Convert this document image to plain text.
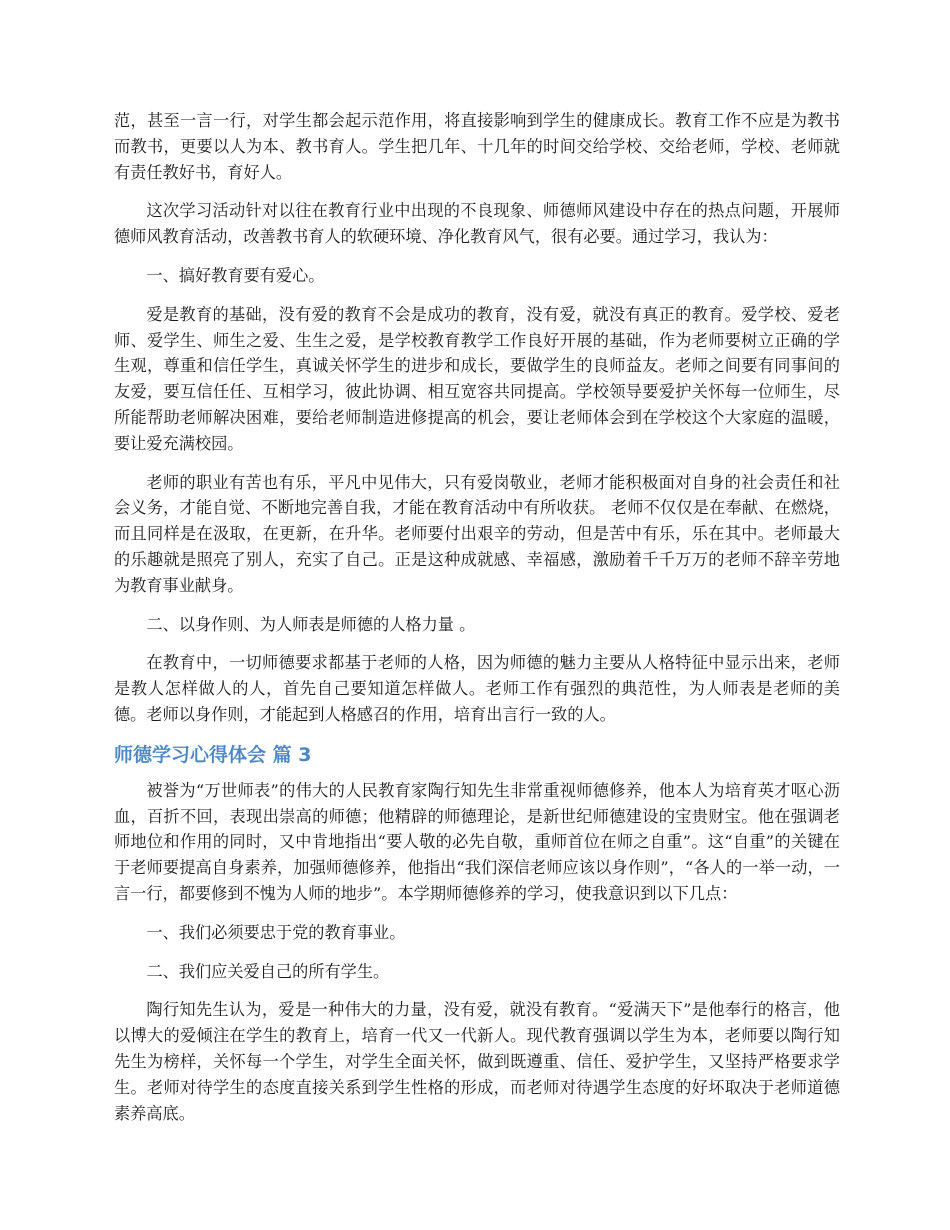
范，甚至一言一行，对学生都会起示范作用，将直接影响到学生的健康成长。教育工作不应是为教书而教书，更要以人为本、教书育人。学生把几年、十几年的时间交给学校、交给老师，学校、老师就有责任教好书，育好人。

这次学习活动针对以往在教育行业中出现的不良现象、师德师风建设中存在的热点问题，开展师德师风教育活动，改善教书育人的软硬环境、净化教育风气，很有必要。通过学习，我认为：

一、搞好教育要有爱心。

爱是教育的基础，没有爱的教育不会是成功的教育，没有爱，就没有真正的教育。爱学校、爱老师、爱学生、师生之爱、生生之爱，是学校教育教学工作良好开展的基础，作为老师要树立正确的学生观，尊重和信任学生，真诚关怀学生的进步和成长，要做学生的良师益友。老师之间要有同事间的友爱，要互信任任、互相学习，彼此协调、相互宽容共同提高。学校领导要爱护关怀每一位师生，尽所能帮助老师解决困难，要给老师制造进修提高的机会，要让老师体会到在学校这个大家庭的温暖，要让爱充满校园。

老师的职业有苦也有乐，平凡中见伟大，只有爱岗敬业，老师才能积极面对自身的社会责任和社会义务，才能自觉、不断地完善自我，才能在教育活动中有所收获。 老师不仅仅是在奉献、在燃烧，而且同样是在汲取，在更新，在升华。老师要付出艰辛的劳动，但是苦中有乐，乐在其中。老师最大的乐趣就是照亮了别人，充实了自己。正是这种成就感、幸福感，激励着千千万万的老师不辞辛劳地为教育事业献身。

二、以身作则、为人师表是师德的人格力量 。

在教育中，一切师德要求都基于老师的人格，因为师德的魅力主要从人格特征中显示出来，老师是教人怎样做人的人，首先自己要知道怎样做人。老师工作有强烈的典范性，为人师表是老师的美德。老师以身作则，才能起到人格感召的作用，培育出言行一致的人。

师德学习心得体会 篇 3

被誉为“万世师表”的伟大的人民教育家陶行知先生非常重视师德修养，他本人为培育英才呕心沥血，百折不回，表现出崇高的师德；他精辟的师德理论，是新世纪师德建设的宝贵财宝。他在强调老师地位和作用的同时，又中肯地指出“要人敬的必先自敬，重师首位在师之自重”。这“自重”的关键在于老师要提高自身素养，加强师德修养，他指出“我们深信老师应该以身作则”，“各人的一举一动，一言一行，都要修到不愧为人师的地步”。本学期师德修养的学习，使我意识到以下几点：

一、我们必须要忠于党的教育事业。

二、我们应关爱自己的所有学生。

陶行知先生认为，爱是一种伟大的力量，没有爱，就没有教育。“爱满天下”是他奉行的格言，他以博大的爱倾注在学生的教育上，培育一代又一代新人。现代教育强调以学生为本，老师要以陶行知先生为榜样，关怀每一个学生，对学生全面关怀，做到既遵重、信任、爱护学生，又坚持严格要求学生。老师对待学生的态度直接关系到学生性格的形成，而老师对待遇学生态度的好坏取决于老师道德素养高底。
